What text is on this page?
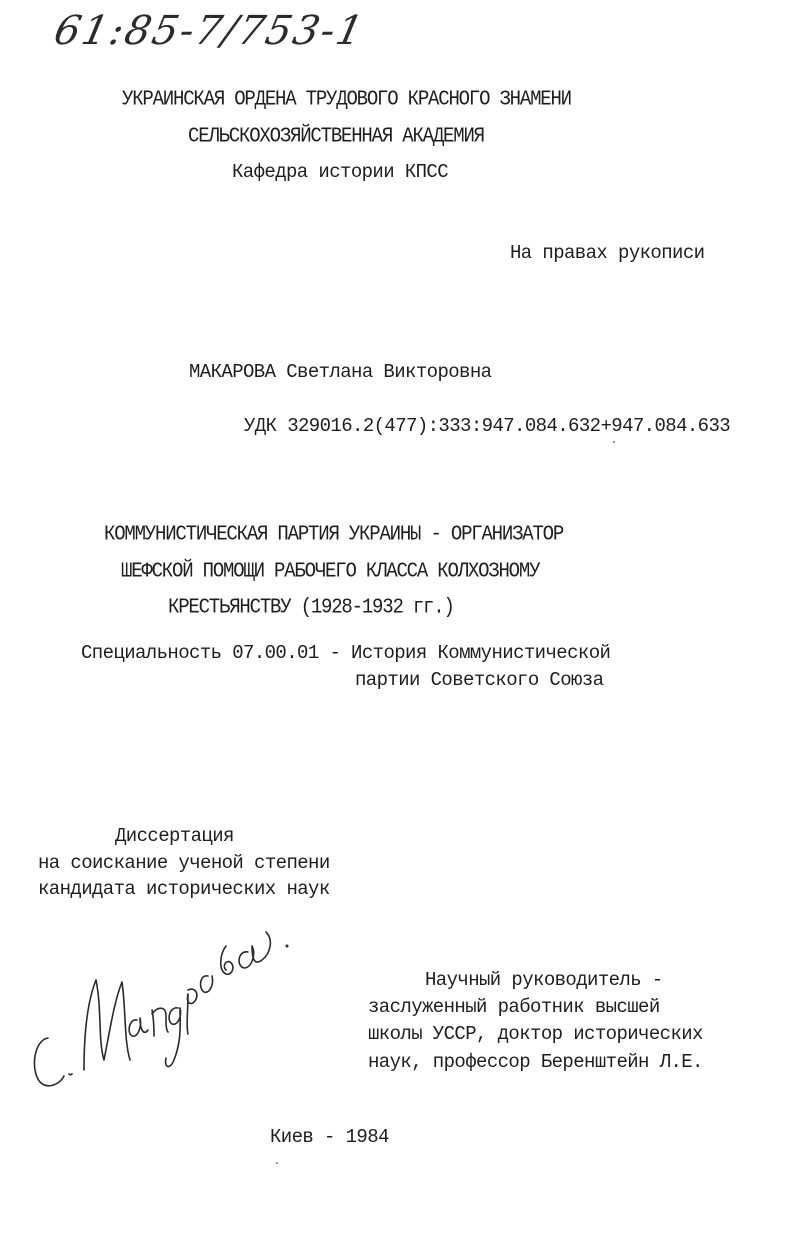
61:85-7/753-1
УКРАИНСКАЯ ОРДЕНА ТРУДОВОГО КРАСНОГО ЗНАМЕНИ
СЕЛЬСКОХОЗЯЙСТВЕННАЯ АКАДЕМИЯ
Кафедра истории КПСС
На правах рукописи
МАКАРОВА Светлана Викторовна
УДК 329016.2(477):333:947.084.632+947.084.633
КОММУНИСТИЧЕСКАЯ ПАРТИЯ УКРАИНЫ - ОРГАНИЗАТОР
ШЕФСКОЙ ПОМОЩИ РАБОЧЕГО КЛАССА КОЛХОЗНОМУ
КРЕСТЬЯНСТВУ (1928-1932 гг.)
Специальность 07.00.01 - История Коммунистической
партии Советского Союза
Диссертация
на соискание ученой степени
кандидата исторических наук
Научный руководитель -
заслуженный работник высшей
школы УССР, доктор исторических
наук, профессор Беренштейн Л.Е.
Киев - 1984
